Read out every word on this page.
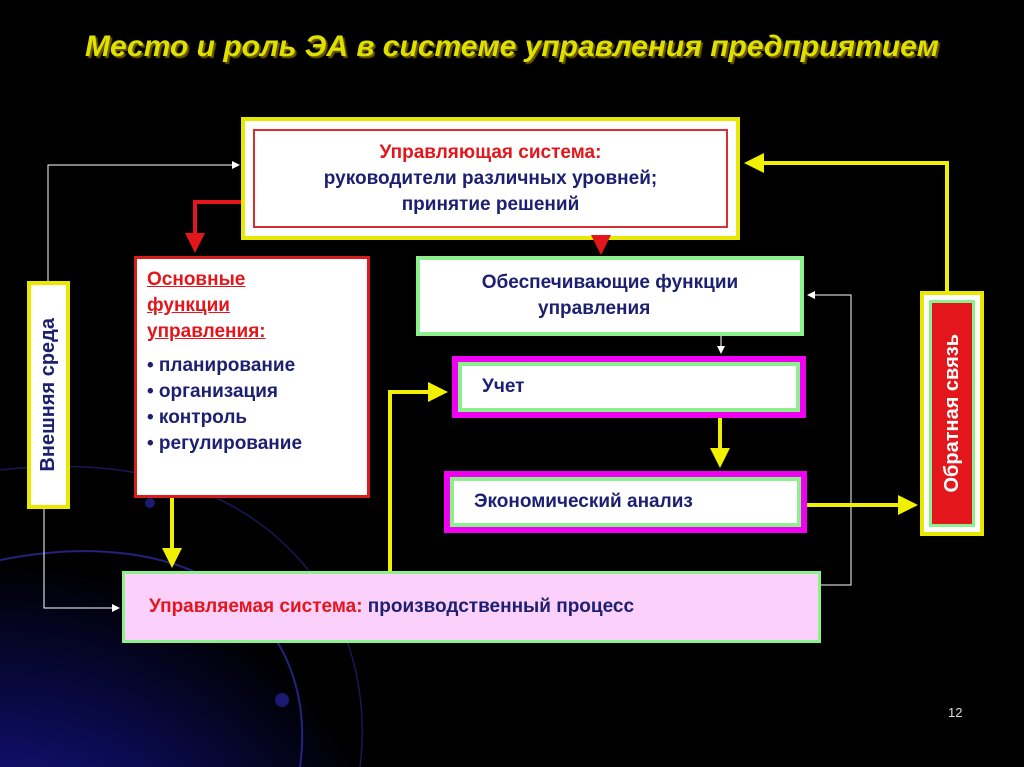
Место и роль ЭА в системе управления предприятием
Управляющая система:
руководители различных уровней;
принятие решений
Основные
функции
управления:
• планирование
• организация
• контроль
• регулирование
Обеспечивающие функции
управления
Учет
Экономический анализ
Управляемая система: производственный процесс
Внешняя среда	Обратная связь
12
